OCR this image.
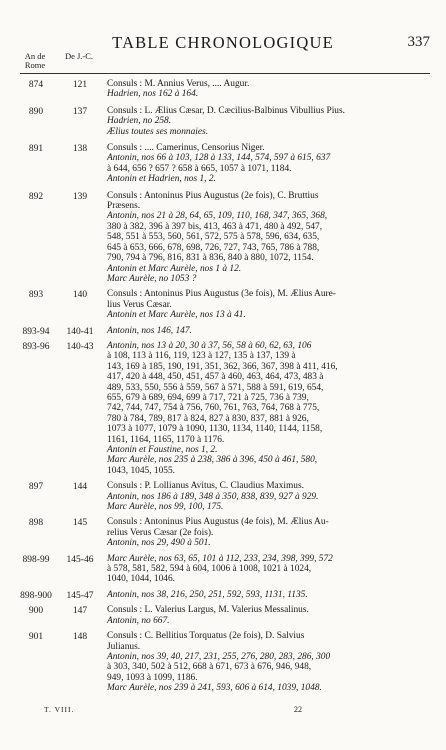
TABLE CHRONOLOGIQUE	337
An de Rome
De J.-C.
874	121	Consuls : M. Annius Verus, .... Augur.
Hadrien, nos 162 à 164.
890	137	Consuls : L. Ælius Cæsar, D. Cæcilius-Balbinus Vibullius Pius.
Hadrien, no 258.
Ælius toutes ses monnaies.
891	138	Consuls : .... Camerinus, Censorius Niger.
Antonin, nos 66 à 103, 128 à 133, 144, 574, 597 à 615, 637
à 644, 656 ? 657 ? 658 à 665, 1057 à 1071, 1184.
Antonin et Hadrien, nos 1, 2.
892	139	Consuls : Antoninus Pius Augustus (2e fois), C. Bruttius
Præsens.
Antonin, nos 21 à 28, 64, 65, 109, 110, 168, 347, 365, 368,
380 à 382, 396 à 397 bis, 413, 463 à 471, 480 à 492, 547,
548, 551 à 553, 560, 561, 572, 575 à 578, 596, 634, 635,
645 à 653, 666, 678, 698, 726, 727, 743, 765, 786 à 788,
790, 794 à 796, 816, 831 à 836, 840 à 880, 1072, 1154.
Antonin et Marc Aurèle, nos 1 à 12.
Marc Aurèle, no 1053 ?
893	140	Consuls : Antoninus Pius Augustus (3e fois), M. Ælius Aure-
lius Verus Cæsar.
Antonin et Marc Aurèle, nos 13 à 41.
893-94	140-41 Antonin, nos 146, 147.
893-96	140-43 Antonin, nos 13 à 20, 30 à 37, 56, 58 à 60, 62, 63, 106
à 108, 113 à 116, 119, 123 à 127, 135 à 137, 139 à
143, 169 à 185, 190, 191, 351, 362, 366, 367, 398 à 411, 416,
417, 420 à 448, 450, 451, 457 à 460, 463, 464, 473, 483 à
489, 533, 550, 556 à 559, 567 à 571, 588 à 591, 619, 654,
655, 679 à 689, 694, 699 à 717, 721 à 725, 736 à 739,
742, 744, 747, 754 à 756, 760, 761, 763, 764, 768 à 775,
780 à 784, 789, 817 à 824, 827 à 830, 837, 881 à 926,
1073 à 1077, 1079 à 1090, 1130, 1134, 1140, 1144, 1158,
1161, 1164, 1165, 1170 à 1176.
Antonin et Faustine, nos 1, 2.
Marc Aurèle, nos 235 à 238, 386 à 396, 450 à 461, 580,
1043, 1045, 1055.
897	144	Consuls : P. Lollianus Avitus, C. Claudius Maximus.
Antonin, nos 186 à 189, 348 à 350, 838, 839, 927 à 929.
Marc Aurèle, nos 99, 100, 175.
898	145	Consuls : Antoninus Pius Augustus (4e fois), M. Ælius Au-
relius Verus Cæsar (2e fois).
Antonin, nos 29, 490 à 501.
898-99	145-46 Marc Aurèle, nos 63, 65, 101 à 112, 233, 234, 398, 399, 572
à 578, 581, 582, 594 à 604, 1006 à 1008, 1021 à 1024,
1040, 1044, 1046.
898-900 145-47 Antonin, nos 38, 216, 250, 251, 592, 593, 1131, 1135.
900	147	Consuls : L. Valerius Largus, M. Valerius Messalinus.
Antonin, no 667.
901	148	Consuls : C. Bellitius Torquatus (2e fois), D. Salvius
Julianus.
Antonin, nos 39, 40, 217, 231, 255, 276, 280, 283, 286, 300
à 303, 340, 502 à 512, 668 à 671, 673 à 676, 946, 948,
949, 1093 à 1099, 1186.
Marc Aurèle, nos 239 à 241, 593, 606 à 614, 1039, 1048.
T. VIII.	22
